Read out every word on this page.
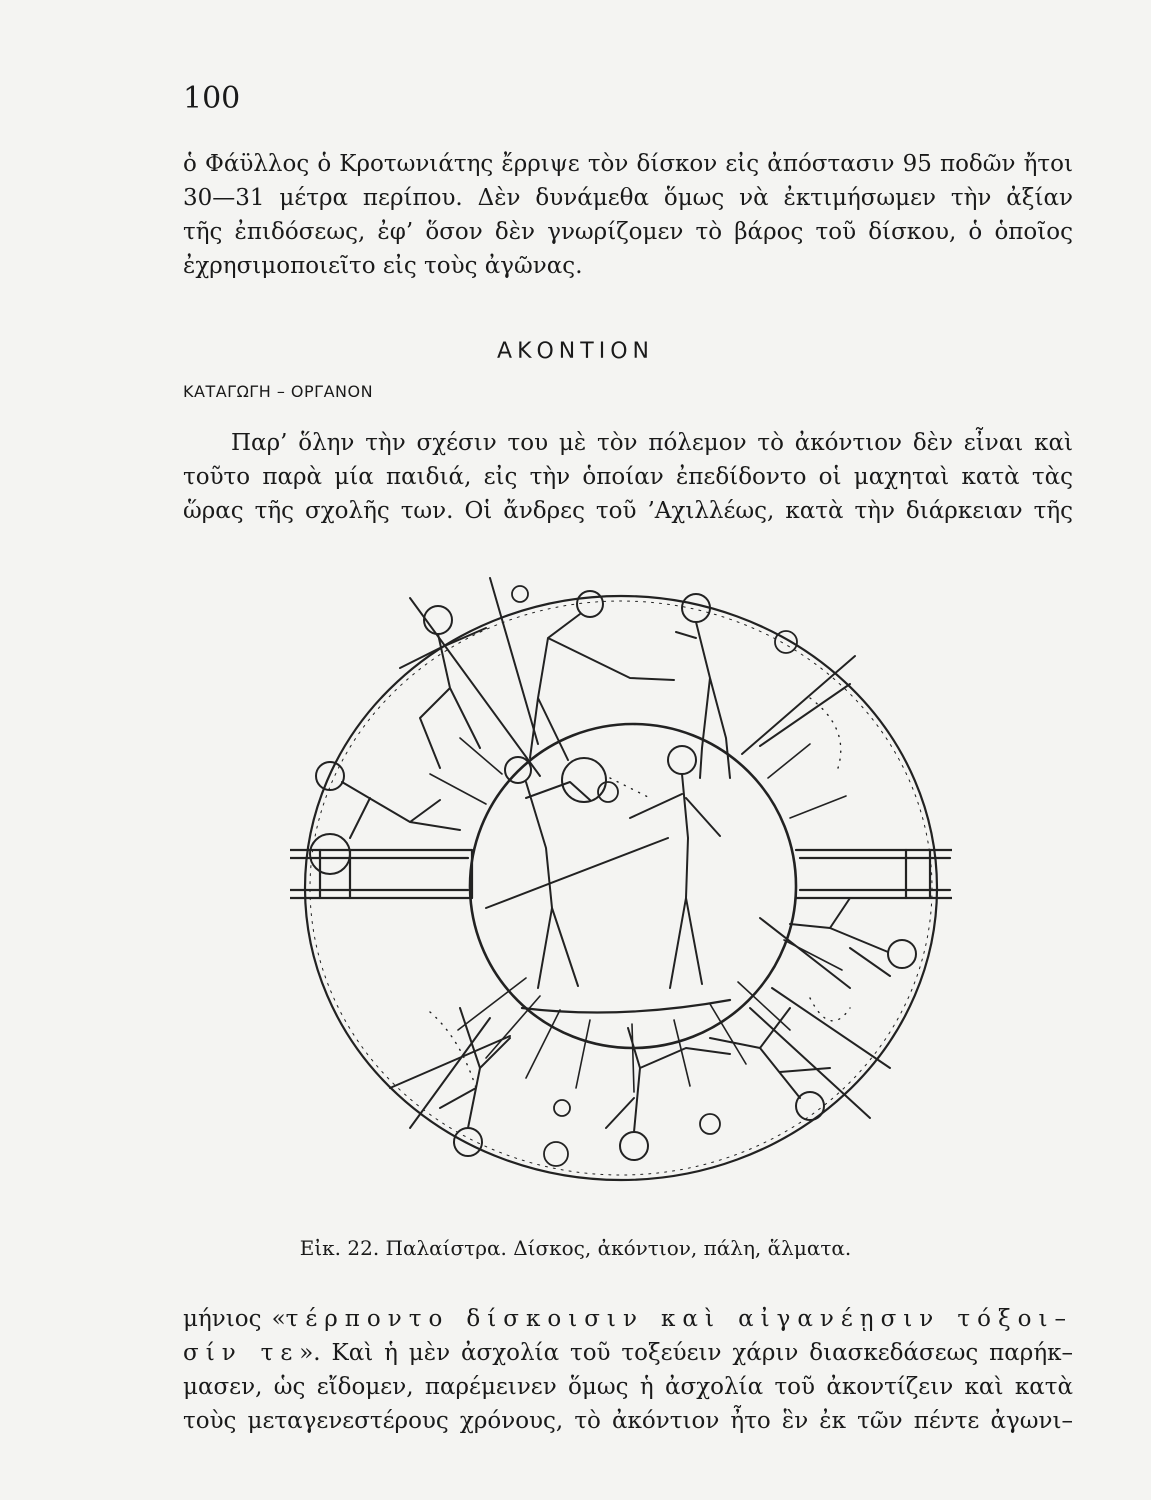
100
ὁ Φάϋλλος ὁ Κροτωνιάτης ἔρριψε τὸν δίσκον εἰς ἀπόστασιν 95 ποδῶν ἤτοι
30—31 μέτρα περίπου. Δὲν δυνάμεθα ὅμως νὰ ἐκτιμήσωμεν τὴν ἀξίαν
τῆς ἐπιδόσεως, ἐφ’ ὅσον δὲν γνωρίζομεν τὸ βάρος τοῦ δίσκου, ὁ ὁποῖος
ἐχρησιμοποιεῖτο εἰς τοὺς ἀγῶνας.
ΑΚΟΝΤΙΟΝ
ΚΑΤΑΓΩΓΗ – ΟΡΓΑΝΟΝ
Παρ’ ὅλην τὴν σχέσιν του μὲ τὸν πόλεμον τὸ ἀκόντιον δὲν εἶναι καὶ
τοῦτο παρὰ μία παιδιά, εἰς τὴν ὁποίαν ἐπεδίδοντο οἱ μαχηταὶ κατὰ τὰς
ὥρας τῆς σχολῆς των. Οἱ ἄνδρες τοῦ ’Αχιλλέως, κατὰ τὴν διάρκειαν τῆς
Εἰκ. 22. Παλαίστρα. Δίσκος, ἀκόντιον, πάλη, ἅλματα.
μήνιος «τέρποντο δίσκοισιν καὶ αἰγανέῃσιν τόξοι–
σίν τε». Καὶ ἡ μὲν ἀσχολία τοῦ τοξεύειν χάριν διασκεδάσεως παρήκ–
μασεν, ὡς εἴδομεν, παρέμεινεν ὅμως ἡ ἀσχολία τοῦ ἀκοντίζειν καὶ κατὰ
τοὺς μεταγενεστέρους χρόνους, τὸ ἀκόντιον ἦτο ἓν ἐκ τῶν πέντε ἀγωνι–
